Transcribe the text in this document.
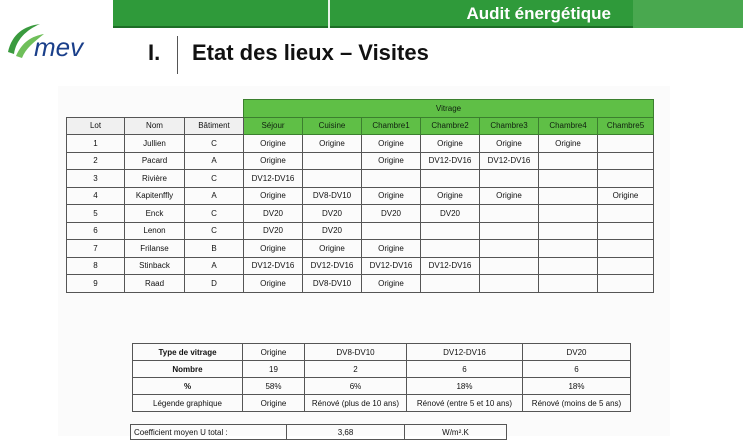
Audit énergétique
mev	I. Etat des lieux – Visites
			Vitrage						
Lot	Nom	Bâtiment	Séjour	Cuisine	Chambre1	Chambre2	Chambre3	Chambre4	Chambre5
1	Jullien	C	Origine	Origine	Origine	Origine	Origine	Origine	
2	Pacard	A	Origine		Origine	DV12-DV16	DV12-DV16		
3	Rivière	C	DV12-DV16						
4	Kapitenffly	A	Origine	DV8-DV10	Origine	Origine	Origine		Origine
5	Enck	C	DV20	DV20	DV20	DV20			
6	Lenon	C	DV20	DV20					
7	Frilanse	B	Origine	Origine	Origine				
8	Stinback	A	DV12-DV16	DV12-DV16	DV12-DV16	DV12-DV16			
9	Raad	D	Origine	DV8-DV10	Origine				
Type de vitrage	Origine	DV8-DV10	DV12-DV16	DV20
Nombre	19	2	6	6
%	58%	6%	18%	18%
Légende graphique	Origine	Rénové (plus de 10 ans)	Rénové (entre 5 et 10 ans)	Rénové (moins de 5 ans)
Coefficient moyen U total :	3,68	W/m².K
